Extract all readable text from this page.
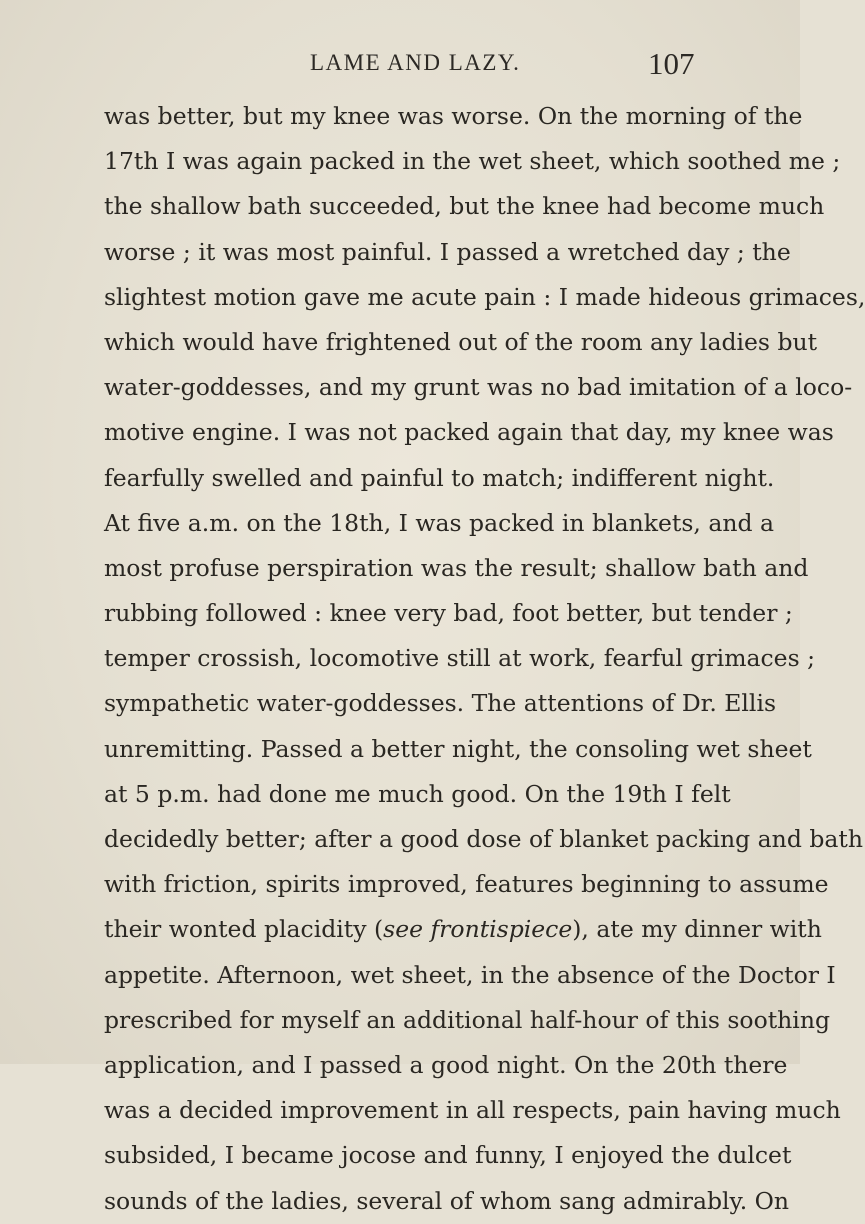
LAME AND LAZY.	107
was better, but my knee was worse. On the morning of the
17th I was again packed in the wet sheet, which soothed me ;
the shallow bath succeeded, but the knee had become much
worse ; it was most painful. I passed a wretched day ; the
slightest motion gave me acute pain : I made hideous grimaces,
which would have frightened out of the room any ladies but
water-goddesses, and my grunt was no bad imitation of a loco-
motive engine. I was not packed again that day, my knee was
fearfully swelled and painful to match; indifferent night.
At five a.m. on the 18th, I was packed in blankets, and a
most profuse perspiration was the result; shallow bath and
rubbing followed : knee very bad, foot better, but tender ;
temper crossish, locomotive still at work, fearful grimaces ;
sympathetic water-goddesses. The attentions of Dr. Ellis
unremitting. Passed a better night, the consoling wet sheet
at 5 p.m. had done me much good. On the 19th I felt
decidedly better; after a good dose of blanket packing and bath
with friction, spirits improved, features beginning to assume
their wonted placidity (see frontispiece), ate my dinner with
appetite. Afternoon, wet sheet, in the absence of the Doctor I
prescribed for myself an additional half-hour of this soothing
application, and I passed a good night. On the 20th there
was a decided improvement in all respects, pain having much
subsided, I became jocose and funny, I enjoyed the dulcet
sounds of the ladies, several of whom sang admirably. On
